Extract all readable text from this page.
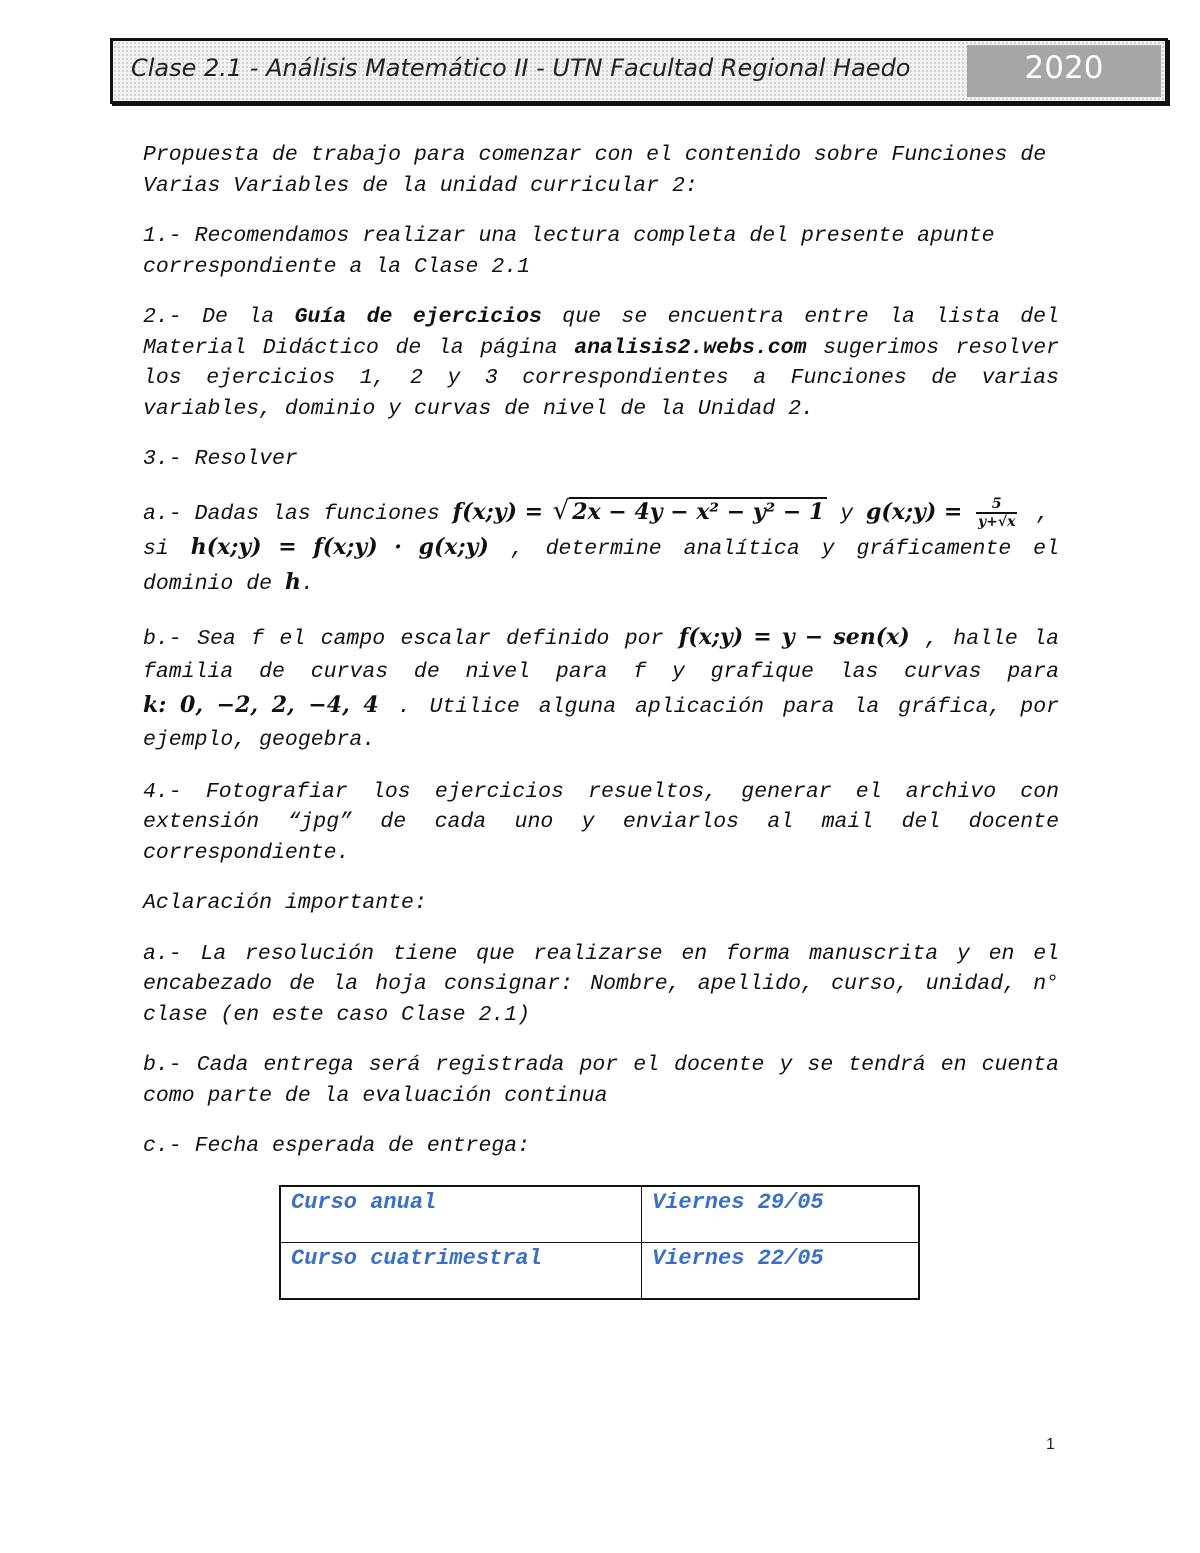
Clase 2.1 - Análisis Matemático II - UTN Facultad Regional Haedo	2020

Propuesta de trabajo para comenzar con el contenido sobre Funciones de Varias Variables de la unidad curricular 2:

1.- Recomendamos realizar una lectura completa del presente apunte correspondiente a la Clase 2.1

2.- De la Guía de ejercicios que se encuentra entre la lista del Material Didáctico de la página analisis2.webs.com sugerimos resolver los ejercicios 1, 2 y 3 correspondientes a Funciones de varias variables, dominio y curvas de nivel de la Unidad 2.

3.- Resolver

a.- Dadas las funciones f(x;y) = √ 2x − 4y − x² − y² − 1 y g(x;y) = $\frac{5}{y+√x}$ ,
si h(x;y) = f(x;y) · g(x;y) , determine analítica y gráficamente el dominio de h.

b.- Sea f el campo escalar definido por f(x;y) = y − sen(x) , halle la familia de curvas de nivel para f y grafique las curvas para k: 0, −2, 2, −4, 4 . Utilice alguna aplicación para la gráfica, por ejemplo, geogebra.

4.- Fotografiar los ejercicios resueltos, generar el archivo con extensión “jpg” de cada uno y enviarlos al mail del docente correspondiente.

Aclaración importante:

a.- La resolución tiene que realizarse en forma manuscrita y en el encabezado de la hoja consignar: Nombre, apellido, curso, unidad, n° clase (en este caso Clase 2.1)

b.- Cada entrega será registrada por el docente y se tendrá en cuenta como parte de la evaluación continua

c.- Fecha esperada de entrega:

Curso anual	Viernes 29/05
Curso cuatrimestral	Viernes 22/05
1
